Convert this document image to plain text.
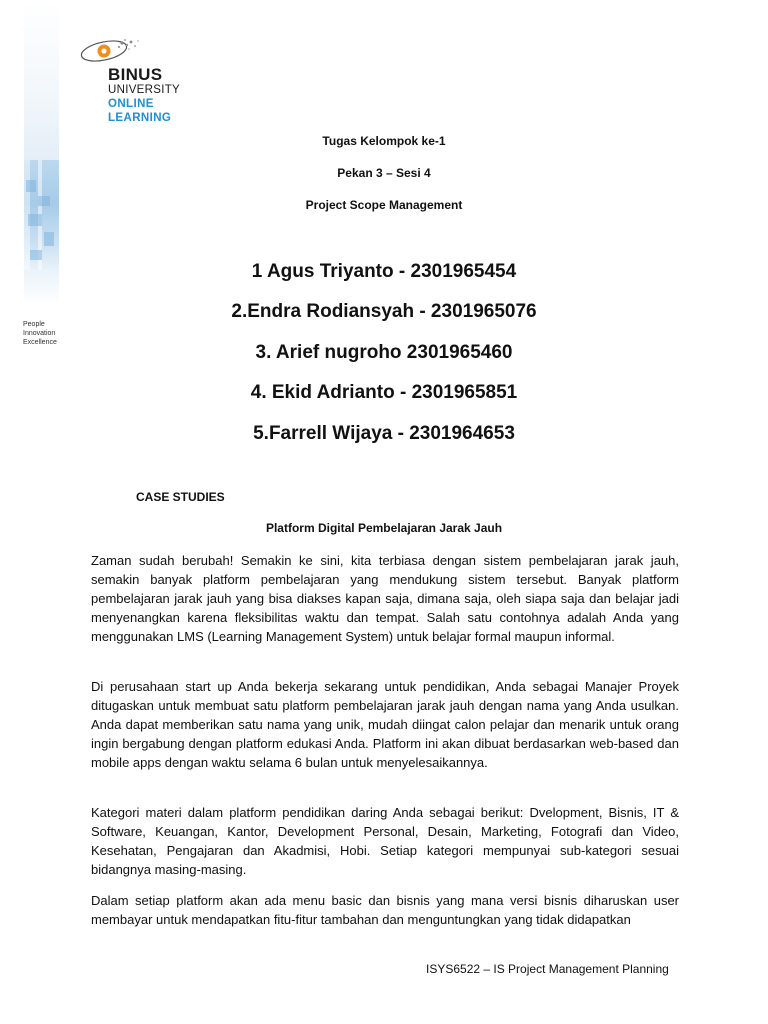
People
Innovation
Excellence
BINUS
UNIVERSITY
ONLINE
LEARNING
Tugas Kelompok ke-1
Pekan 3 – Sesi 4
Project Scope Management
1 Agus Triyanto - 2301965454
2.Endra Rodiansyah - 2301965076
3. Arief nugroho 2301965460
4. Ekid Adrianto - 2301965851
5.Farrell Wijaya - 2301964653
CASE STUDIES
Platform Digital Pembelajaran Jarak Jauh
Zaman sudah berubah! Semakin ke sini, kita terbiasa dengan sistem pembelajaran jarak jauh, semakin banyak platform pembelajaran yang mendukung sistem tersebut. Banyak platform pembelajaran jarak jauh yang bisa diakses kapan saja, dimana saja, oleh siapa saja dan belajar jadi menyenangkan karena fleksibilitas waktu dan tempat. Salah satu contohnya adalah Anda yang menggunakan LMS (Learning Management System) untuk belajar formal maupun informal.
Di perusahaan start up Anda bekerja sekarang untuk pendidikan, Anda sebagai Manajer Proyek ditugaskan untuk membuat satu platform pembelajaran jarak jauh dengan nama yang Anda usulkan. Anda dapat memberikan satu nama yang unik, mudah diingat calon pelajar dan menarik untuk orang ingin bergabung dengan platform edukasi Anda. Platform ini akan dibuat berdasarkan web-based dan mobile apps dengan waktu selama 6 bulan untuk menyelesaikannya.
Kategori materi dalam platform pendidikan daring Anda sebagai berikut: Dvelopment, Bisnis, IT & Software, Keuangan, Kantor, Development Personal, Desain, Marketing, Fotografi dan Video, Kesehatan, Pengajaran dan Akadmisi, Hobi. Setiap kategori mempunyai sub-kategori sesuai bidangnya masing-masing.
Dalam setiap platform akan ada menu basic dan bisnis yang mana versi bisnis diharuskan user membayar untuk mendapatkan fitu-fitur tambahan dan menguntungkan yang tidak didapatkan
ISYS6522 – IS Project Management Planning
